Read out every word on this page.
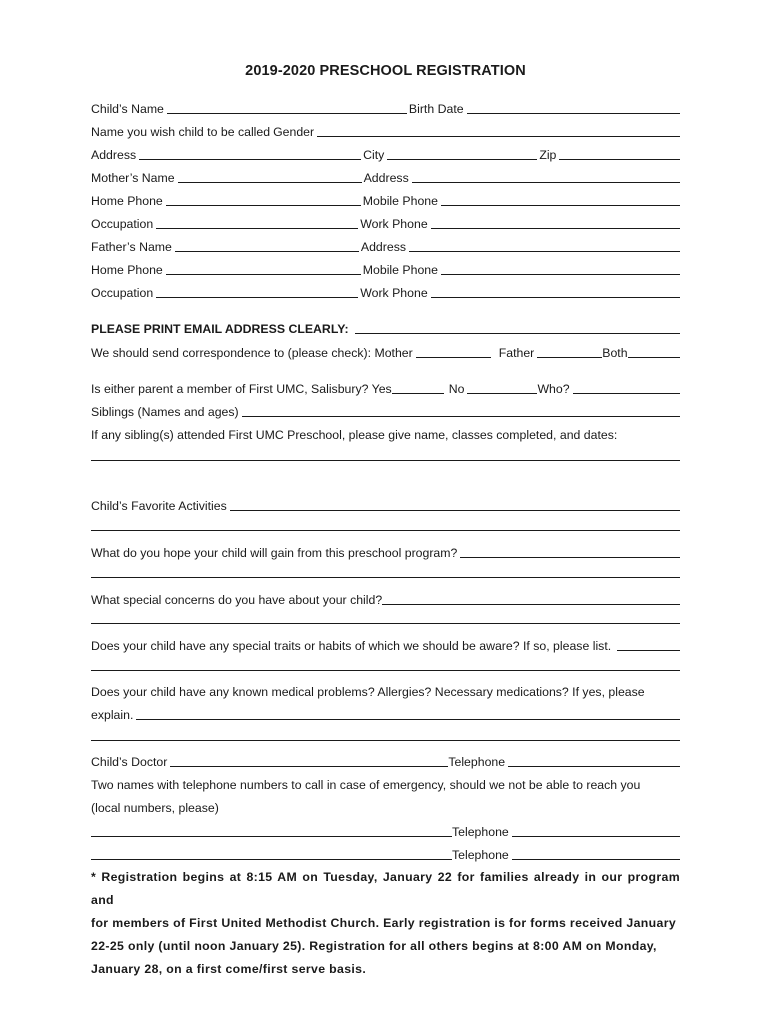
2019-2020 PRESCHOOL REGISTRATION
Child’s Name	Birth Date
Name you wish child to be called Gender
Address	City	Zip
Mother’s Name	Address
Home Phone	Mobile Phone
Occupation	Work Phone
Father’s Name	Address
Home Phone	Mobile Phone
Occupation	Work Phone
PLEASE PRINT EMAIL ADDRESS CLEARLY:
We should send correspondence to (please check): Mother	Father	Both
Is either parent a member of First UMC, Salisbury? Yes	No	Who?
Siblings (Names and ages)
If any sibling(s) attended First UMC Preschool, please give name, classes completed, and dates:
Child’s Favorite Activities
What do you hope your child will gain from this preschool program?
What special concerns do you have about your child?
Does your child have any special traits or habits of which we should be aware? If so, please list.
Does your child have any known medical problems? Allergies? Necessary medications? If yes, please
explain.
Child’s Doctor	Telephone
Two names with telephone numbers to call in case of emergency, should we not be able to reach you
(local numbers, please)
Telephone
Telephone
* Registration begins at 8:15 AM on Tuesday, January 22 for families already in our program and
for members of First United Methodist Church. Early registration is for forms received January
22-25 only (until noon January 25). Registration for all others begins at 8:00 AM on Monday,
January 28, on a first come/first serve basis.
